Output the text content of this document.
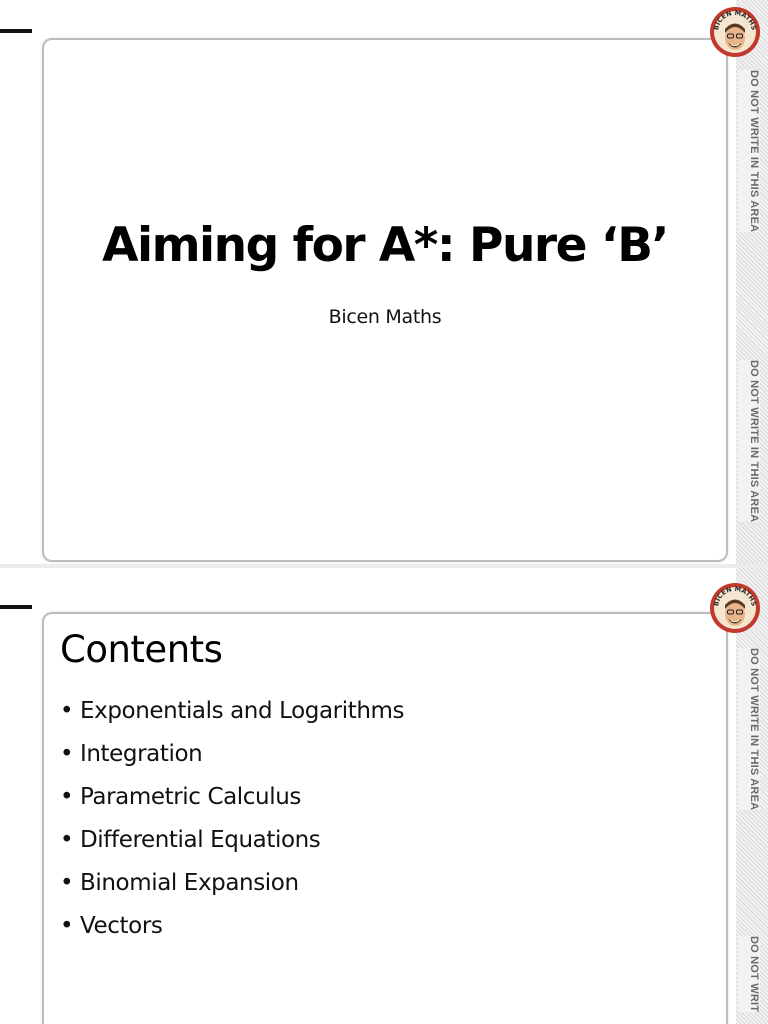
Aiming for A*: Pure ‘B’
Bicen Maths
DO NOT WRITE IN THIS AREA
DO NOT WRITE IN THIS AREA
BICEN MATHS
Contents
• Exponentials and Logarithms
• Integration
• Parametric Calculus
• Differential Equations
• Binomial Expansion
• Vectors
DO NOT WRITE IN THIS AREA
DO NOT WRIT
BICEN MATHS
